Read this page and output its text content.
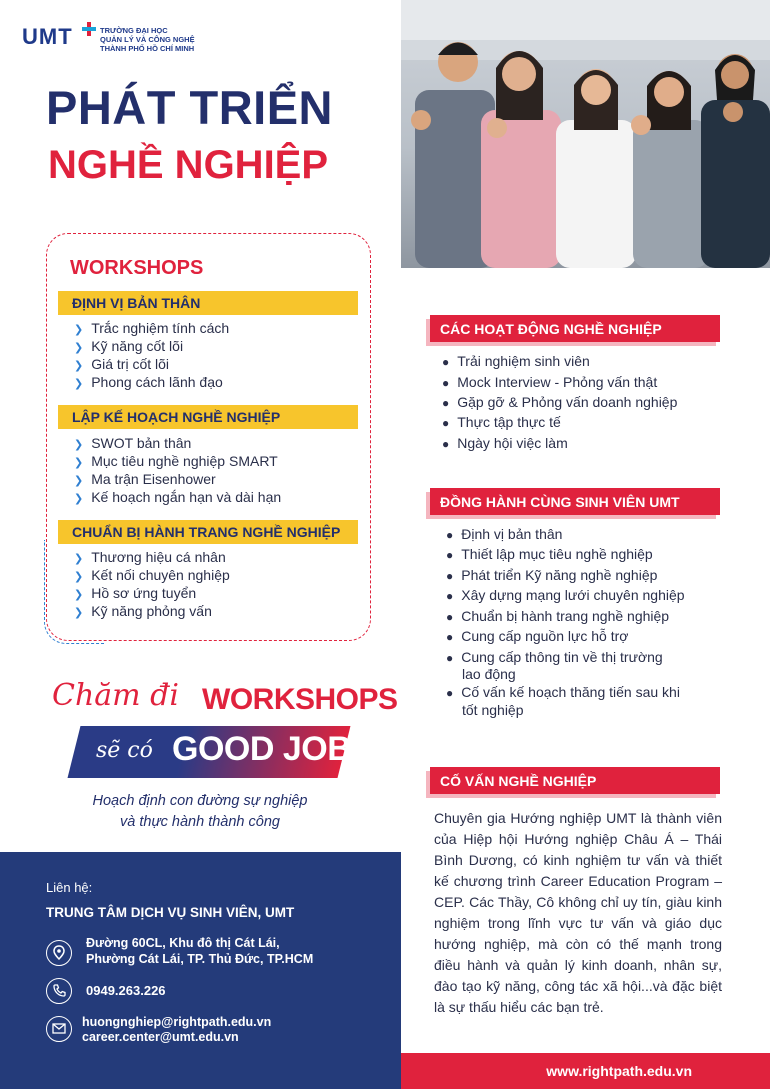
UMT	TRƯỜNG ĐẠI HỌC
QUẢN LÝ VÀ CÔNG NGHỆ
THÀNH PHỐ HỒ CHÍ MINH
PHÁT TRIỂN
NGHỀ NGHIỆP
WORKSHOPS
ĐỊNH VỊ BẢN THÂN
❯ Trắc nghiệm tính cách
❯ Kỹ năng cốt lõi
❯ Giá trị cốt lõi
❯ Phong cách lãnh đạo
LẬP KẾ HOẠCH NGHỀ NGHIỆP
❯ SWOT bản thân
❯ Mục tiêu nghề nghiệp SMART
❯ Ma trận Eisenhower
❯ Kế hoạch ngắn hạn và dài hạn
CHUẨN BỊ HÀNH TRANG NGHỀ NGHIỆP
❯ Thương hiệu cá nhân
❯ Kết nối chuyên nghiệp
❯ Hồ sơ ứng tuyển
❯ Kỹ năng phỏng vấn
Chăm đi WORKSHOPS
sẽ có GOOD JOB
Hoạch định con đường sự nghiệp
và thực hành thành công
Liên hệ:
TRUNG TÂM DỊCH VỤ SINH VIÊN, UMT
Đường 60CL, Khu đô thị Cát Lái,
Phường Cát Lái, TP. Thủ Đức, TP.HCM
0949.263.226
huongnghiep@rightpath.edu.vn
career.center@umt.edu.vn
CÁC HOẠT ĐỘNG NGHỀ NGHIỆP
● Trải nghiệm sinh viên
● Mock Interview - Phỏng vấn thật
● Gặp gỡ & Phỏng vấn doanh nghiệp
● Thực tập thực tế
● Ngày hội việc làm
ĐỒNG HÀNH CÙNG SINH VIÊN UMT
● Định vị bản thân
● Thiết lập mục tiêu nghề nghiệp
● Phát triển Kỹ năng nghề nghiệp
● Xây dựng mạng lưới chuyên nghiệp
● Chuẩn bị hành trang nghề nghiệp
● Cung cấp nguồn lực hỗ trợ
● Cung cấp thông tin về thị trường
lao động
● Cố vấn kế hoạch thăng tiến sau khi
tốt nghiệp
CỐ VẤN NGHỀ NGHIỆP
Chuyên gia Hướng nghiệp UMT là thành viên của Hiệp hội Hướng nghiệp Châu Á – Thái Bình Dương, có kinh nghiệm tư vấn và thiết kế chương trình Career Education Program – CEP. Các Thầy, Cô không chỉ uy tín, giàu kinh nghiệm trong lĩnh vực tư vấn và giáo dục hướng nghiệp, mà còn có thế mạnh trong điều hành và quản lý kinh doanh, nhân sự, đào tạo kỹ năng, công tác xã hội...và đặc biệt là sự thấu hiểu các bạn trẻ.
www.rightpath.edu.vn
